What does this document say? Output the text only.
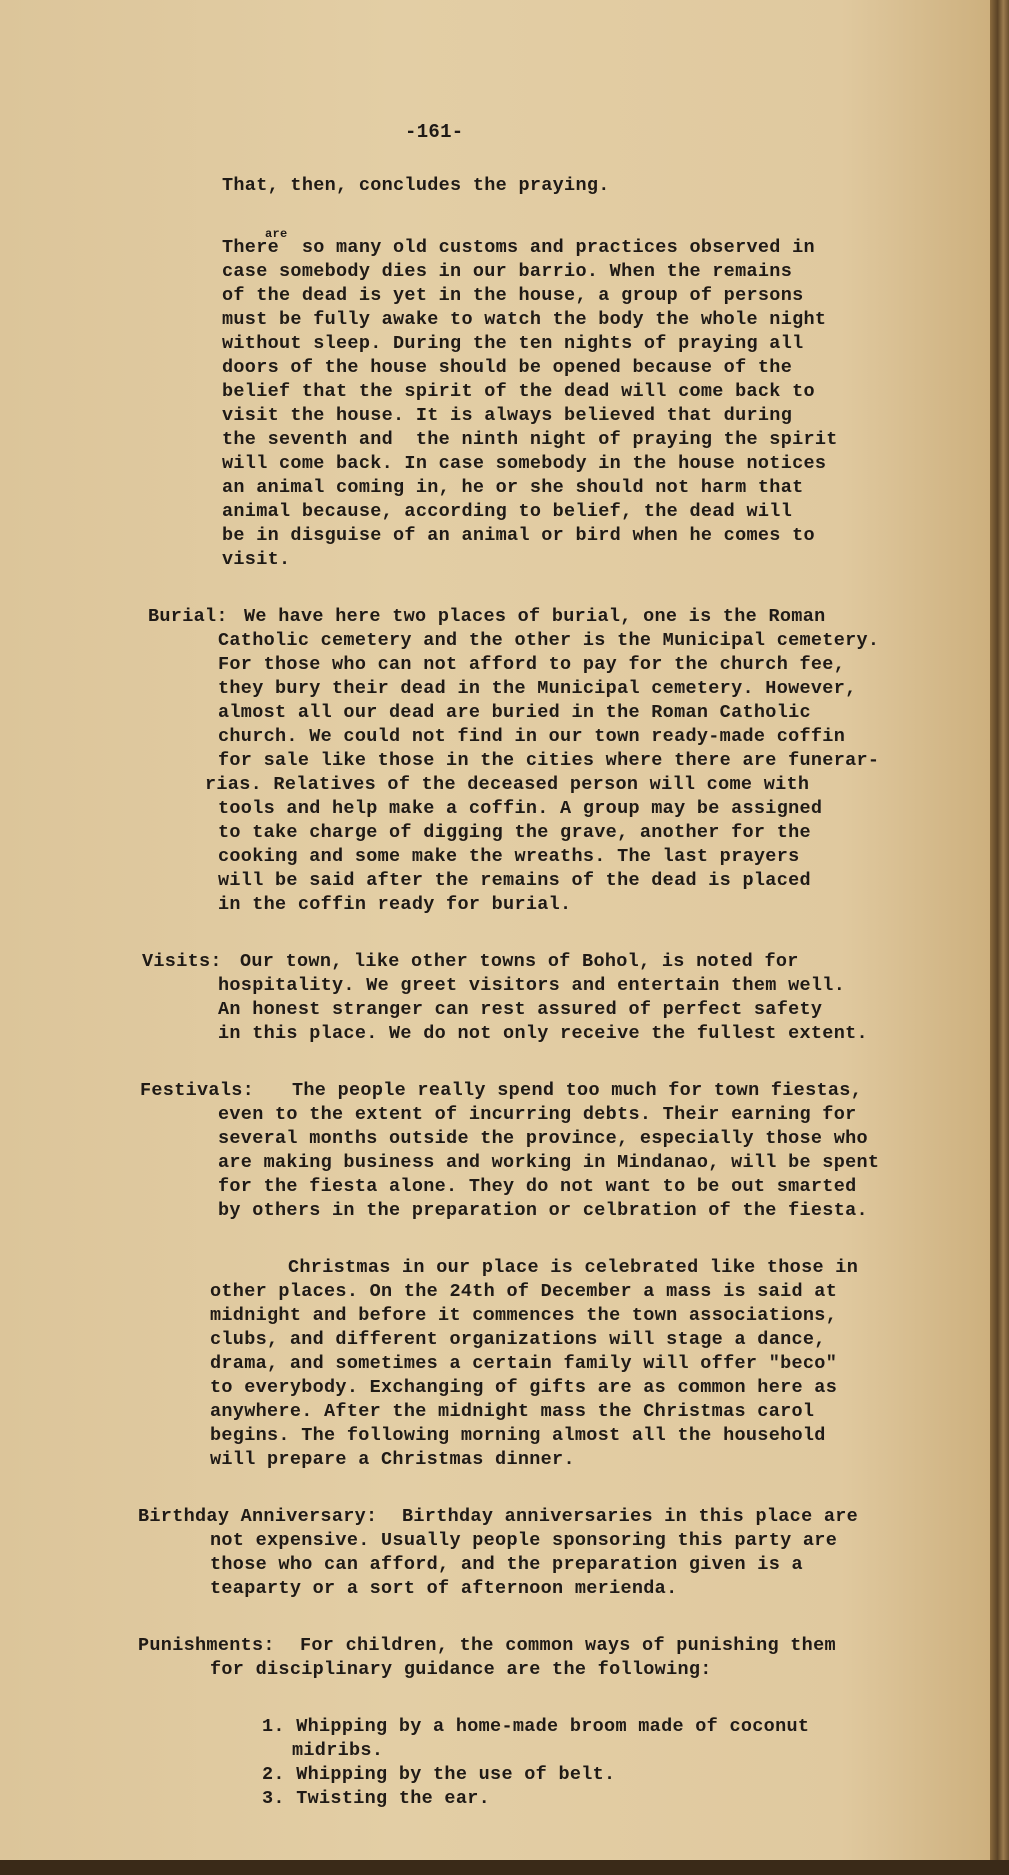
-161-
That, then, concludes the praying.
are
There  so many old customs and practices observed in
case somebody dies in our barrio. When the remains
of the dead is yet in the house, a group of persons
must be fully awake to watch the body the whole night
without sleep. During the ten nights of praying all
doors of the house should be opened because of the
belief that the spirit of the dead will come back to
visit the house. It is always believed that during
the seventh and  the ninth night of praying the spirit
will come back. In case somebody in the house notices
an animal coming in, he or she should not harm that
animal because, according to belief, the dead will
be in disguise of an animal or bird when he comes to
visit.
Burial: We have here two places of burial, one is the Roman
Catholic cemetery and the other is the Municipal cemetery.
For those who can not afford to pay for the church fee,
they bury their dead in the Municipal cemetery. However,
almost all our dead are buried in the Roman Catholic
church. We could not find in our town ready-made coffin
for sale like those in the cities where there are funerar-
rias. Relatives of the deceased person will come with
tools and help make a coffin. A group may be assigned
to take charge of digging the grave, another for the
cooking and some make the wreaths. The last prayers
will be said after the remains of the dead is placed
in the coffin ready for burial.
Visits: Our town, like other towns of Bohol, is noted for
hospitality. We greet visitors and entertain them well.
An honest stranger can rest assured of perfect safety
in this place. We do not only receive the fullest extent.
Festivals: The people really spend too much for town fiestas,
even to the extent of incurring debts. Their earning for
several months outside the province, especially those who
are making business and working in Mindanao, will be spent
for the fiesta alone. They do not want to be out smarted
by others in the preparation or celbration of the fiesta.
Christmas in our place is celebrated like those in
other places. On the 24th of December a mass is said at
midnight and before it commences the town associations,
clubs, and different organizations will stage a dance,
drama, and sometimes a certain family will offer "beco"
to everybody. Exchanging of gifts are as common here as
anywhere. After the midnight mass the Christmas carol
begins. The following morning almost all the household
will prepare a Christmas dinner.
Birthday Anniversary: Birthday anniversaries in this place are
not expensive. Usually people sponsoring this party are
those who can afford, and the preparation given is a
teaparty or a sort of afternoon merienda.
Punishments: For children, the common ways of punishing them
for disciplinary guidance are the following:
1. Whipping by a home-made broom made of coconut
midribs.
2. Whipping by the use of belt.
3. Twisting the ear.
